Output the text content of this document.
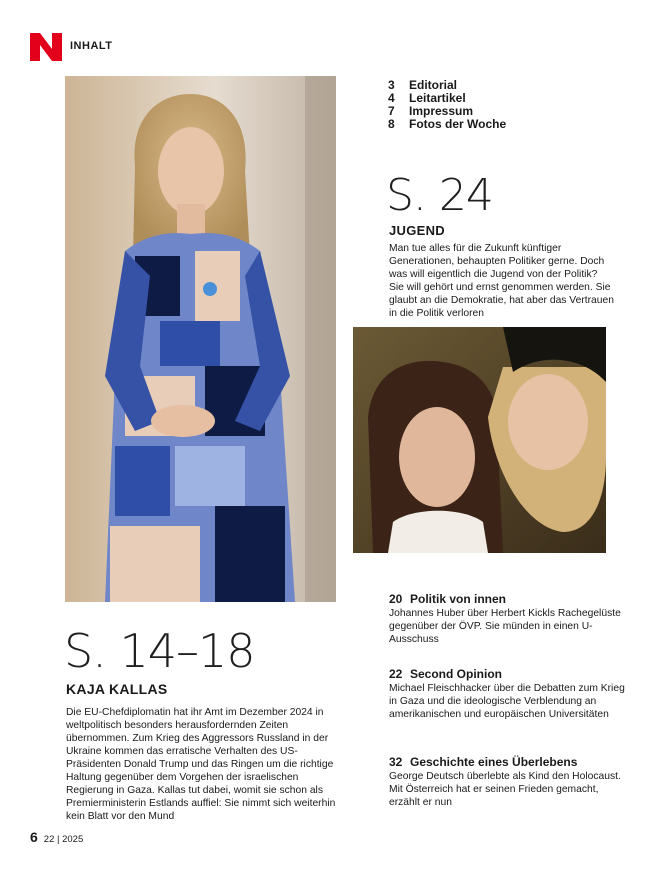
INHALT
3	Editorial
4	Leitartikel
7	Impressum
8	Fotos der Woche
S. 24
JUGEND
Man tue alles für die Zukunft künftiger Generationen, behaupten Politiker gerne. Doch was will eigentlich die Jugend von der Politik? Sie will gehört und ernst genommen werden. Sie glaubt an die Demokratie, hat aber das Vertrauen in die Politik verloren
S. 14–18
KAJA KALLAS
Die EU-Chefdiplomatin hat ihr Amt im Dezember 2024 in weltpolitisch besonders herausfordernden Zeiten übernommen. Zum Krieg des Aggressors Russland in der Ukraine kommen das erratische Verhalten des US-Präsidenten Donald Trump und das Ringen um die richtige Haltung gegenüber dem Vorgehen der israelischen Regierung in Gaza. Kallas tut dabei, womit sie schon als Premierministerin Estlands auffiel: Sie nimmt sich weiterhin kein Blatt vor den Mund
20 Politik von innen
Johannes Huber über Herbert Kickls Rachegelüste gegenüber der ÖVP. Sie münden in einen U-Ausschuss
22 Second Opinion
Michael Fleischhacker über die Debatten zum Krieg in Gaza und die ideologische Verblendung an amerikanischen und europäischen Universitäten
32 Geschichte eines Überlebens
George Deutsch überlebte als Kind den Holocaust. Mit Österreich hat er seinen Frieden gemacht, erzählt er nun
6 22 | 2025
